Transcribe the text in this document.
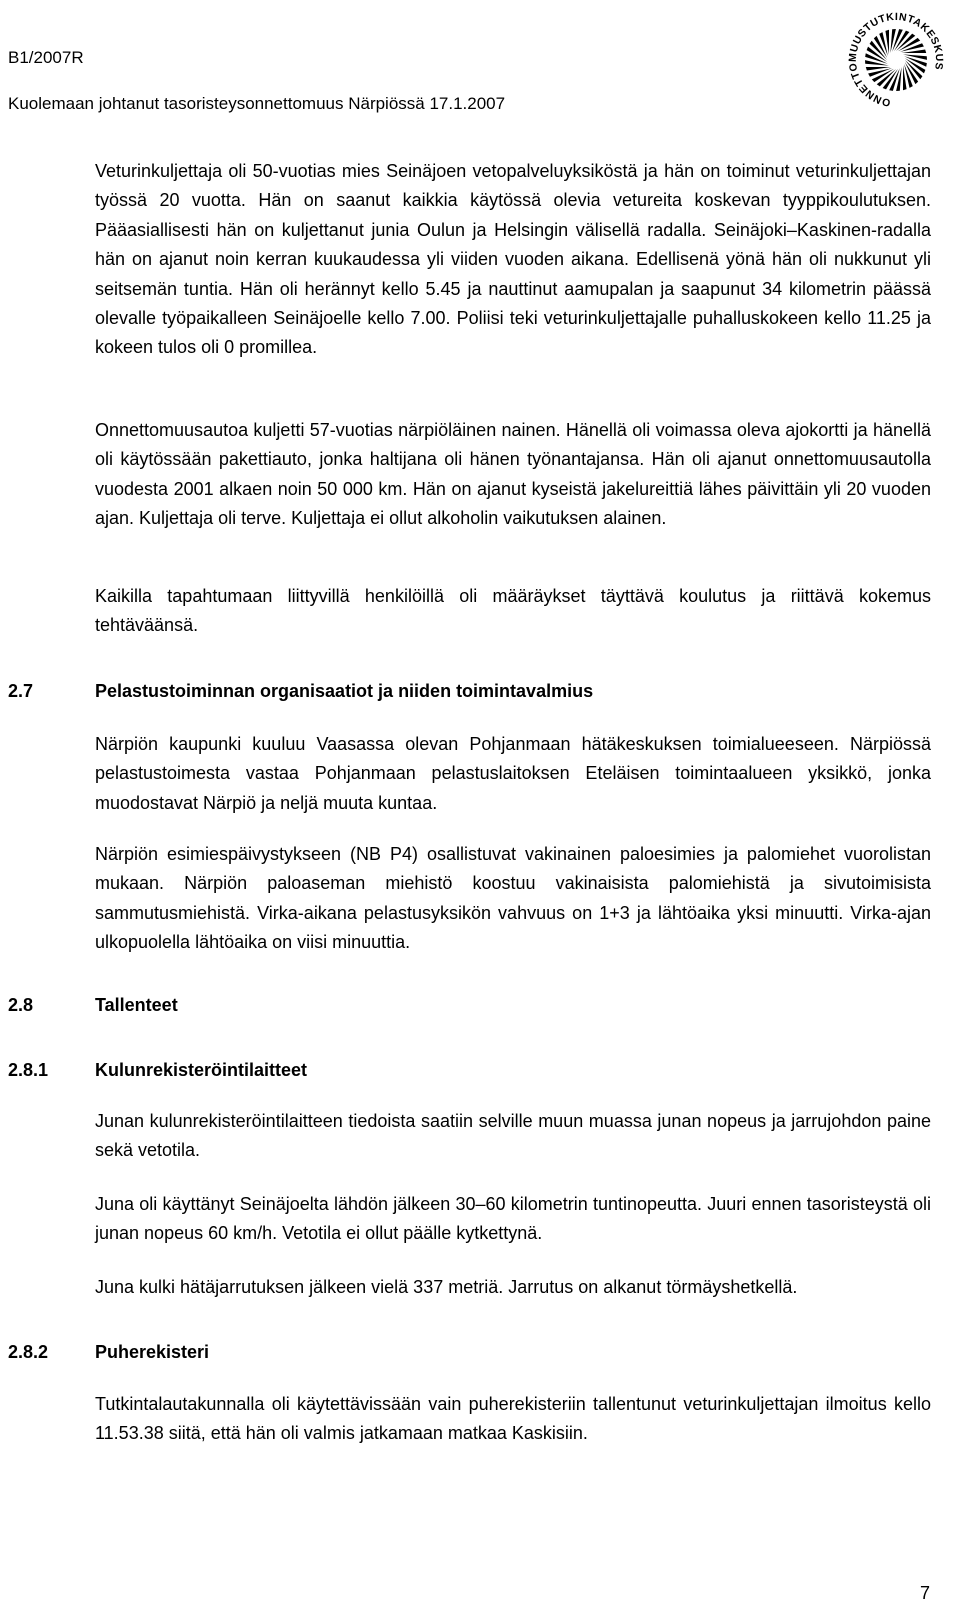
B1/2007R
Kuolemaan johtanut tasoristeysonnettomuus Närpiössä 17.1.2007	ONNETTOMUUSTUTKINTAKESKUS

Veturinkuljettaja oli 50-vuotias mies Seinäjoen vetopalveluyksiköstä ja hän on toiminut veturinkuljettajan työssä 20 vuotta. Hän on saanut kaikkia käytössä olevia vetureita koskevan tyyppikoulutuksen. Pääasiallisesti hän on kuljettanut junia Oulun ja Helsingin välisellä radalla. Seinäjoki–Kaskinen-radalla hän on ajanut noin kerran kuukaudessa yli viiden vuoden aikana. Edellisenä yönä hän oli nukkunut yli seitsemän tuntia. Hän oli herännyt kello 5.45 ja nauttinut aamupalan ja saapunut 34 kilometrin päässä olevalle työpaikalleen Seinäjoelle kello 7.00. Poliisi teki veturinkuljettajalle puhalluskokeen kello 11.25 ja kokeen tulos oli 0 promillea.

Onnettomuusautoa kuljetti 57-vuotias närpiöläinen nainen. Hänellä oli voimassa oleva ajokortti ja hänellä oli käytössään pakettiauto, jonka haltijana oli hänen työnantajansa. Hän oli ajanut onnettomuusautolla vuodesta 2001 alkaen noin 50 000 km. Hän on ajanut kyseistä jakelureittiä lähes päivittäin yli 20 vuoden ajan. Kuljettaja oli terve. Kuljettaja ei ollut alkoholin vaikutuksen alainen.

Kaikilla tapahtumaan liittyvillä henkilöillä oli määräykset täyttävä koulutus ja riittävä kokemus tehtäväänsä.

2.7	Pelastustoiminnan organisaatiot ja niiden toimintavalmius

Närpiön kaupunki kuuluu Vaasassa olevan Pohjanmaan hätäkeskuksen toimialueeseen. Närpiössä pelastustoimesta vastaa Pohjanmaan pelastuslaitoksen Eteläisen toimintaalueen yksikkö, jonka muodostavat Närpiö ja neljä muuta kuntaa.

Närpiön esimiespäivystykseen (NB P4) osallistuvat vakinainen paloesimies ja palomiehet vuorolistan mukaan. Närpiön paloaseman miehistö koostuu vakinaisista palomiehistä ja sivutoimisista sammutusmiehistä. Virka-aikana pelastusyksikön vahvuus on 1+3 ja lähtöaika yksi minuutti. Virka-ajan ulkopuolella lähtöaika on viisi minuuttia.

2.8	Tallenteet
2.8.1	Kulunrekisteröintilaitteet

Junan kulunrekisteröintilaitteen tiedoista saatiin selville muun muassa junan nopeus ja jarrujohdon paine sekä vetotila.

Juna oli käyttänyt Seinäjoelta lähdön jälkeen 30–60 kilometrin tuntinopeutta. Juuri ennen tasoristeystä oli junan nopeus 60 km/h. Vetotila ei ollut päälle kytkettynä.

Juna kulki hätäjarrutuksen jälkeen vielä 337 metriä. Jarrutus on alkanut törmäyshetkellä.

2.8.2	Puherekisteri

Tutkintalautakunnalla oli käytettävissään vain puherekisteriin tallentunut veturinkuljettajan ilmoitus kello 11.53.38 siitä, että hän oli valmis jatkamaan matkaa Kaskisiin.

7
